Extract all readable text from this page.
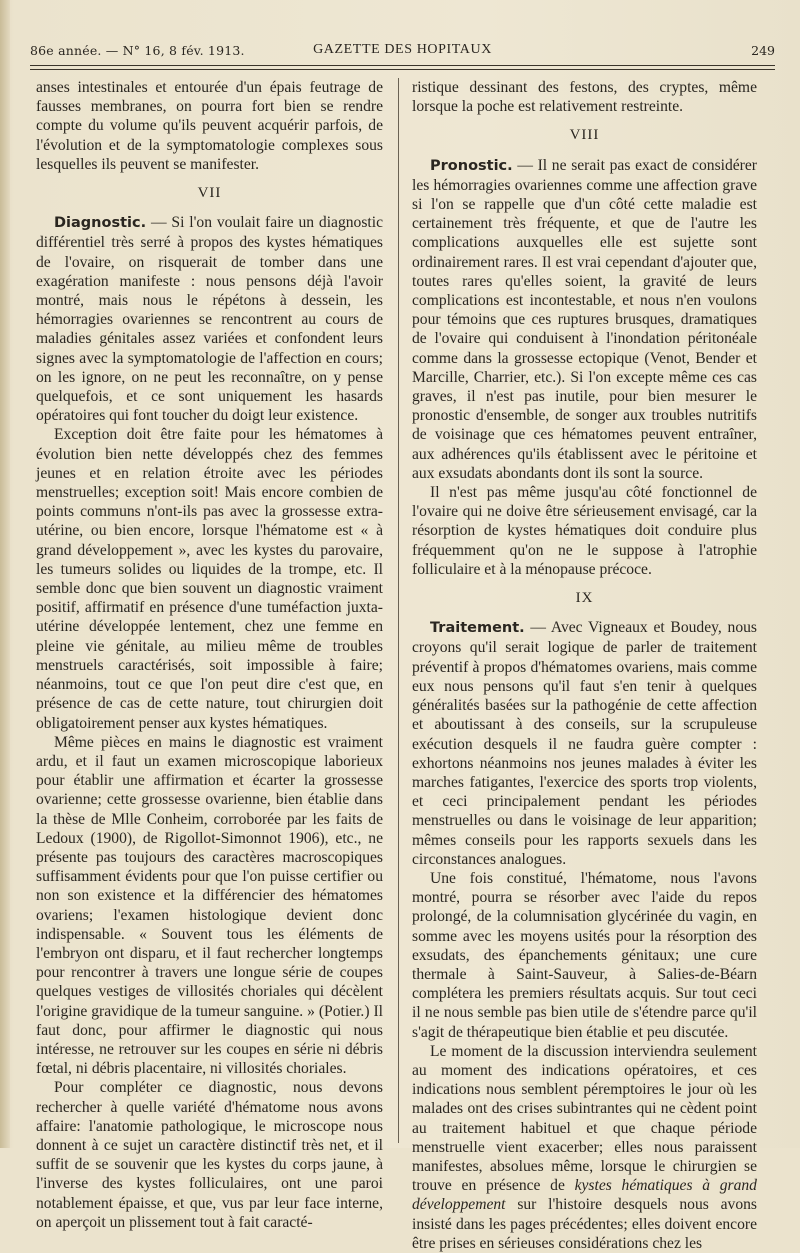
86e année. — N° 16, 8 fév. 1913.	GAZETTE DES HOPITAUX	249

anses intestinales et entourée d'un épais feutrage de fausses membranes, on pourra fort bien se rendre compte du volume qu'ils peuvent acquérir parfois, de l'évolution et de la symptomatologie complexes sous lesquelles ils peuvent se manifester.

VII

Diagnostic. — Si l'on voulait faire un diagnostic différentiel très serré à propos des kystes hématiques de l'ovaire, on risquerait de tomber dans une exagération manifeste : nous pensons déjà l'avoir montré, mais nous le répétons à dessein, les hémorragies ovariennes se rencontrent au cours de maladies génitales assez variées et confondent leurs signes avec la symptomatologie de l'affection en cours; on les ignore, on ne peut les reconnaître, on y pense quelquefois, et ce sont uniquement les hasards opératoires qui font toucher du doigt leur existence.

Exception doit être faite pour les hématomes à évolution bien nette développés chez des femmes jeunes et en relation étroite avec les périodes menstruelles; exception soit! Mais encore combien de points communs n'ont-ils pas avec la grossesse extra-utérine, ou bien encore, lorsque l'hématome est « à grand développement », avec les kystes du parovaire, les tumeurs solides ou liquides de la trompe, etc. Il semble donc que bien souvent un diagnostic vraiment positif, affirmatif en présence d'une tuméfaction juxta-utérine développée lentement, chez une femme en pleine vie génitale, au milieu même de troubles menstruels caractérisés, soit impossible à faire; néanmoins, tout ce que l'on peut dire c'est que, en présence de cas de cette nature, tout chirurgien doit obligatoirement penser aux kystes hématiques.

Même pièces en mains le diagnostic est vraiment ardu, et il faut un examen microscopique laborieux pour établir une affirmation et écarter la grossesse ovarienne; cette grossesse ovarienne, bien établie dans la thèse de Mlle Conheim, corroborée par les faits de Ledoux (1900), de Rigollot-Simonnot 1906), etc., ne présente pas toujours des caractères macroscopiques suffisamment évidents pour que l'on puisse certifier ou non son existence et la différencier des hématomes ovariens; l'examen histologique devient donc indispensable. « Souvent tous les éléments de l'embryon ont disparu, et il faut rechercher longtemps pour rencontrer à travers une longue série de coupes quelques vestiges de villosités choriales qui décèlent l'origine gravidique de la tumeur sanguine. » (Potier.) Il faut donc, pour affirmer le diagnostic qui nous intéresse, ne retrouver sur les coupes en série ni débris fœtal, ni débris placentaire, ni villosités choriales.

Pour compléter ce diagnostic, nous devons rechercher à quelle variété d'hématome nous avons affaire: l'anatomie pathologique, le microscope nous donnent à ce sujet un caractère distinctif très net, et il suffit de se souvenir que les kystes du corps jaune, à l'inverse des kystes folliculaires, ont une paroi notablement épaisse, et que, vus par leur face interne, on aperçoit un plissement tout à fait caracté-

ristique dessinant des festons, des cryptes, même lorsque la poche est relativement restreinte.

VIII

Pronostic. — Il ne serait pas exact de considérer les hémorragies ovariennes comme une affection grave si l'on se rappelle que d'un côté cette maladie est certainement très fréquente, et que de l'autre les complications auxquelles elle est sujette sont ordinairement rares. Il est vrai cependant d'ajouter que, toutes rares qu'elles soient, la gravité de leurs complications est incontestable, et nous n'en voulons pour témoins que ces ruptures brusques, dramatiques de l'ovaire qui conduisent à l'inondation péritonéale comme dans la grossesse ectopique (Venot, Bender et Marcille, Charrier, etc.). Si l'on excepte même ces cas graves, il n'est pas inutile, pour bien mesurer le pronostic d'ensemble, de songer aux troubles nutritifs de voisinage que ces hématomes peuvent entraîner, aux adhérences qu'ils établissent avec le péritoine et aux exsudats abondants dont ils sont la source.

Il n'est pas même jusqu'au côté fonctionnel de l'ovaire qui ne doive être sérieusement envisagé, car la résorption de kystes hématiques doit conduire plus fréquemment qu'on ne le suppose à l'atrophie folliculaire et à la ménopause précoce.

IX

Traitement. — Avec Vigneaux et Boudey, nous croyons qu'il serait logique de parler de traitement préventif à propos d'hématomes ovariens, mais comme eux nous pensons qu'il faut s'en tenir à quelques généralités basées sur la pathogénie de cette affection et aboutissant à des conseils, sur la scrupuleuse exécution desquels il ne faudra guère compter : exhortons néanmoins nos jeunes malades à éviter les marches fatigantes, l'exercice des sports trop violents, et ceci principalement pendant les périodes menstruelles ou dans le voisinage de leur apparition; mêmes conseils pour les rapports sexuels dans les circonstances analogues.

Une fois constitué, l'hématome, nous l'avons montré, pourra se résorber avec l'aide du repos prolongé, de la columnisation glycérinée du vagin, en somme avec les moyens usités pour la résorption des exsudats, des épanchements génitaux; une cure thermale à Saint-Sauveur, à Salies-de-Béarn complétera les premiers résultats acquis. Sur tout ceci il ne nous semble pas bien utile de s'étendre parce qu'il s'agit de thérapeutique bien établie et peu discutée.

Le moment de la discussion interviendra seulement au moment des indications opératoires, et ces indications nous semblent péremptoires le jour où les malades ont des crises subintrantes qui ne cèdent point au traitement habituel et que chaque période menstruelle vient exacerber; elles nous paraissent manifestes, absolues même, lorsque le chirurgien se trouve en présence de kystes hématiques à grand développement sur l'histoire desquels nous avons insisté dans les pages précédentes; elles doivent encore être prises en sérieuses considérations chez les
